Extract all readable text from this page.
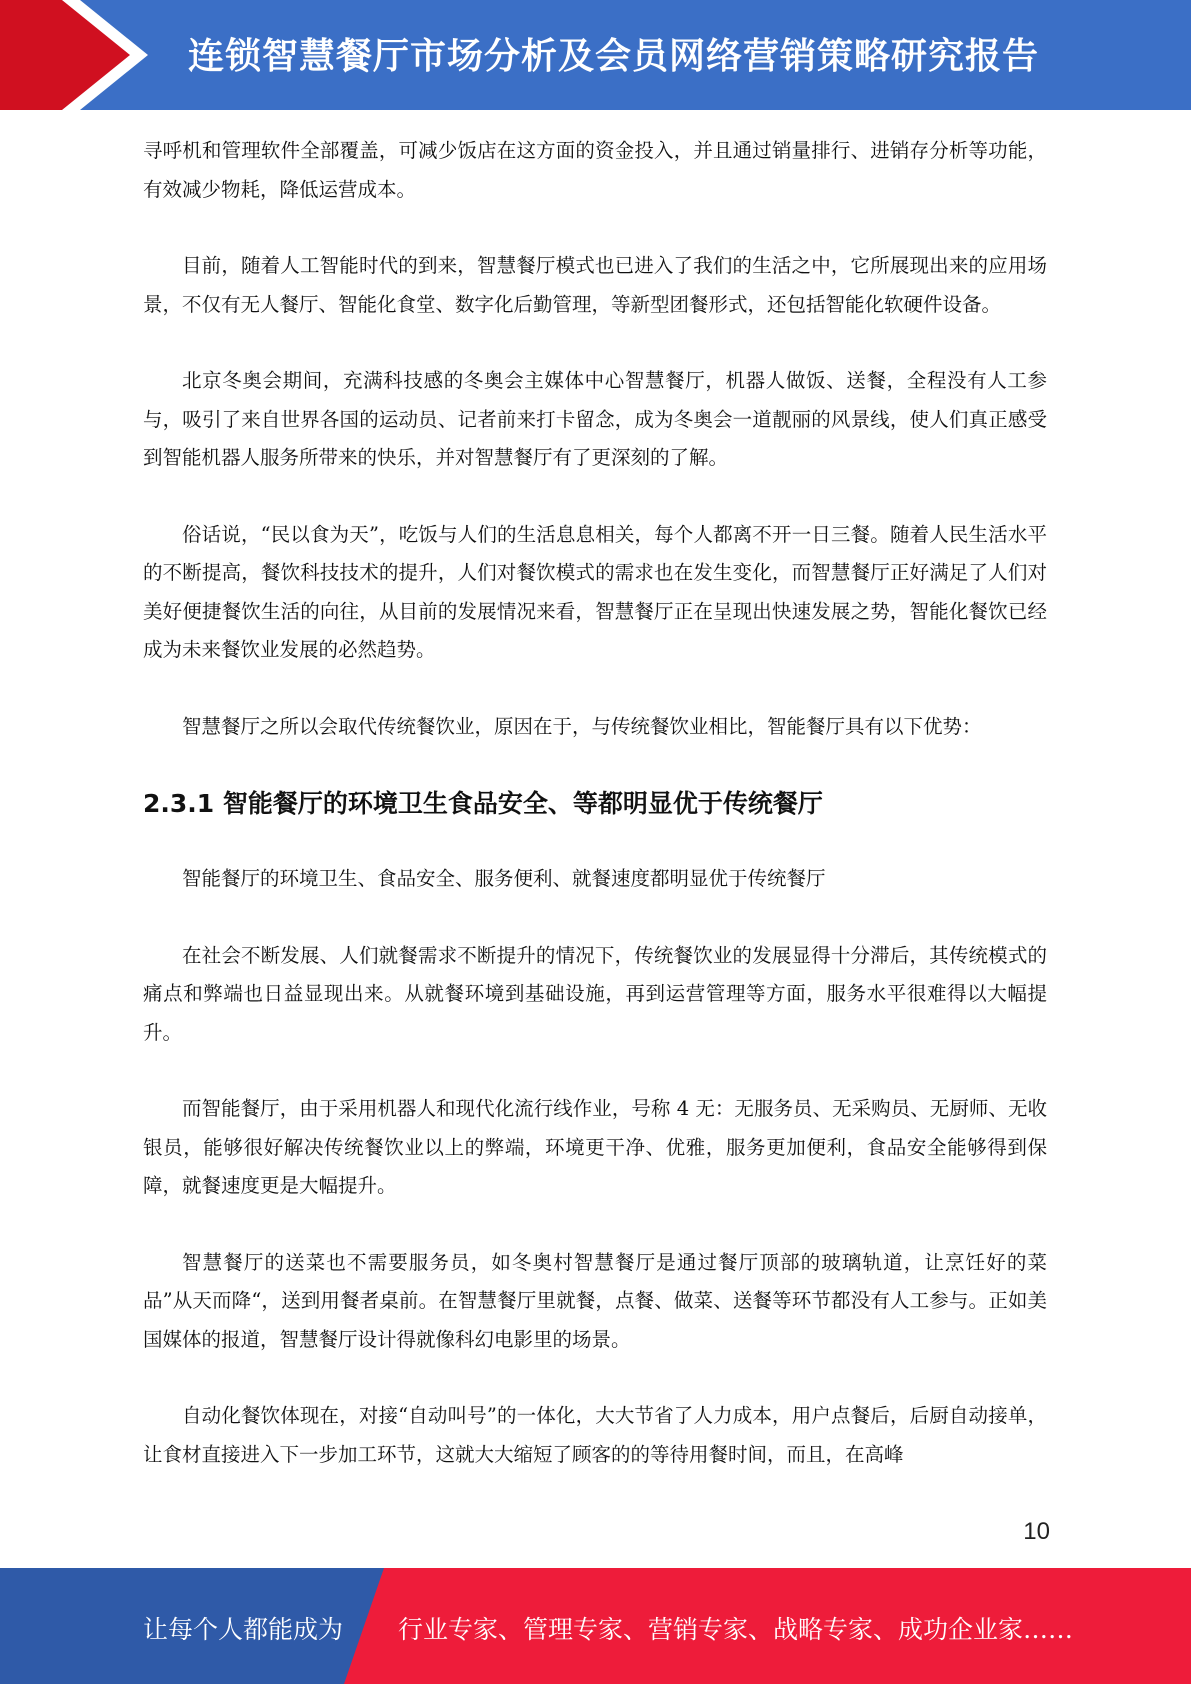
连锁智慧餐厅市场分析及会员网络营销策略研究报告

寻呼机和管理软件全部覆盖，可减少饭店在这方面的资金投入，并且通过销量排行、进销存分析等功能，有效减少物耗，降低运营成本。

目前，随着人工智能时代的到来，智慧餐厅模式也已进入了我们的生活之中，它所展现出来的应用场景，不仅有无人餐厅、智能化食堂、数字化后勤管理，等新型团餐形式，还包括智能化软硬件设备。

北京冬奥会期间，充满科技感的冬奥会主媒体中心智慧餐厅，机器人做饭、送餐，全程没有人工参与，吸引了来自世界各国的运动员、记者前来打卡留念，成为冬奥会一道靓丽的风景线，使人们真正感受到智能机器人服务所带来的快乐，并对智慧餐厅有了更深刻的了解。

俗话说，“民以食为天”，吃饭与人们的生活息息相关，每个人都离不开一日三餐。随着人民生活水平的不断提高，餐饮科技技术的提升，人们对餐饮模式的需求也在发生变化，而智慧餐厅正好满足了人们对美好便捷餐饮生活的向往，从目前的发展情况来看，智慧餐厅正在呈现出快速发展之势，智能化餐饮已经成为未来餐饮业发展的必然趋势。

智慧餐厅之所以会取代传统餐饮业，原因在于，与传统餐饮业相比，智能餐厅具有以下优势：

2.3.1 智能餐厅的环境卫生食品安全、等都明显优于传统餐厅

智能餐厅的环境卫生、食品安全、服务便利、就餐速度都明显优于传统餐厅

在社会不断发展、人们就餐需求不断提升的情况下，传统餐饮业的发展显得十分滞后，其传统模式的痛点和弊端也日益显现出来。从就餐环境到基础设施，再到运营管理等方面，服务水平很难得以大幅提升。

而智能餐厅，由于采用机器人和现代化流行线作业，号称 4 无：无服务员、无采购员、无厨师、无收银员，能够很好解决传统餐饮业以上的弊端，环境更干净、优雅，服务更加便利，食品安全能够得到保障，就餐速度更是大幅提升。

智慧餐厅的送菜也不需要服务员，如冬奥村智慧餐厅是通过餐厅顶部的玻璃轨道，让烹饪好的菜品”从天而降“，送到用餐者桌前。在智慧餐厅里就餐，点餐、做菜、送餐等环节都没有人工参与。正如美国媒体的报道，智慧餐厅设计得就像科幻电影里的场景。

自动化餐饮体现在，对接“自动叫号”的一体化，大大节省了人力成本，用户点餐后，后厨自动接单，让食材直接进入下一步加工环节，这就大大缩短了顾客的的等待用餐时间，而且，在高峰

10
让每个人都能成为 行业专家、管理专家、营销专家、战略专家、成功企业家……
